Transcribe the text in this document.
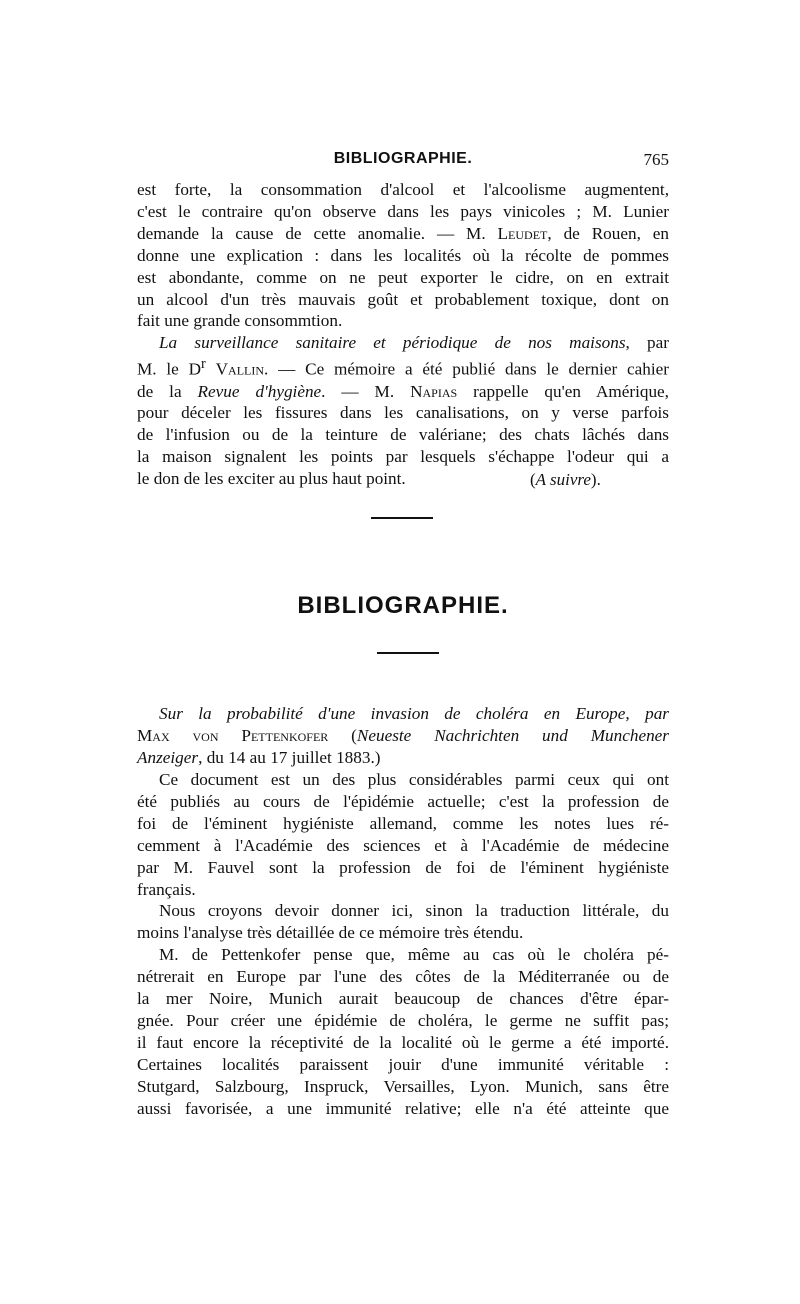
BIBLIOGRAPHIE.	765
est forte, la consommation d'alcool et l'alcoolisme augmentent,
c'est le contraire qu'on observe dans les pays vinicoles ; M. Lunier
demande la cause de cette anomalie. — M. Leudet, de Rouen, en
donne une explication : dans les localités où la récolte de pommes
est abondante, comme on ne peut exporter le cidre, on en extrait
un alcool d'un très mauvais goût et probablement toxique, dont on
fait une grande consommtion.
La surveillance sanitaire et périodique de nos maisons, par
M. le $D^r$ Vallin. — Ce mémoire a été publié dans le dernier cahier
de la Revue d'hygiène. — M. Napias rappelle qu'en Amérique,
pour déceler les fissures dans les canalisations, on y verse parfois
de l'infusion ou de la teinture de valériane; des chats lâchés dans
la maison signalent les points par lesquels s'échappe l'odeur qui a
le don de les exciter au plus haut point.	(A suivre).
BIBLIOGRAPHIE.
Sur la probabilité d'une invasion de choléra en Europe, par
Max von Pettenkofer (Neueste Nachrichten und Munchener
Anzeiger, du 14 au 17 juillet 1883.)
Ce document est un des plus considérables parmi ceux qui ont
été publiés au cours de l'épidémie actuelle; c'est la profession de
foi de l'éminent hygiéniste allemand, comme les notes lues ré-
cemment à l'Académie des sciences et à l'Académie de médecine
par M. Fauvel sont la profession de foi de l'éminent hygiéniste
français.
Nous croyons devoir donner ici, sinon la traduction littérale, du
moins l'analyse très détaillée de ce mémoire très étendu.
M. de Pettenkofer pense que, même au cas où le choléra pé-
nétrerait en Europe par l'une des côtes de la Méditerranée ou de
la mer Noire, Munich aurait beaucoup de chances d'être épar-
gnée. Pour créer une épidémie de choléra, le germe ne suffit pas;
il faut encore la réceptivité de la localité où le germe a été importé.
Certaines localités paraissent jouir d'une immunité véritable :
Stutgard, Salzbourg, Inspruck, Versailles, Lyon. Munich, sans être
aussi favorisée, a une immunité relative; elle n'a été atteinte que
